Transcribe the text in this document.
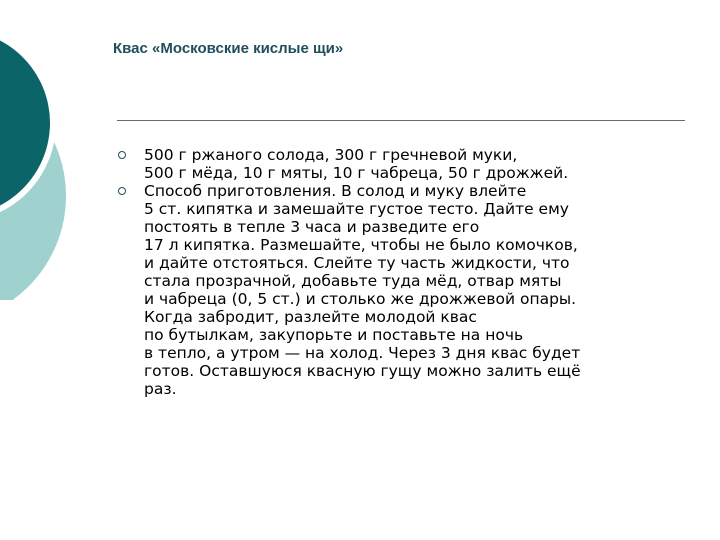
Квас «Московские кислые щи»
500 г ржаного солода, 300 г гречневой муки,
500 г мёда, 10 г мяты, 10 г чабреца, 50 г дрожжей.
Способ приготовления. В солод и муку влейте
5 ст. кипятка и замешайте густое тесто. Дайте ему
постоять в тепле 3 часа и разведите его
17 л кипятка. Размешайте, чтобы не было комочков,
и дайте отстояться. Слейте ту часть жидкости, что
стала прозрачной, добавьте туда мёд, отвар мяты
и чабреца (0, 5 ст.) и столько же дрожжевой опары.
Когда забродит, разлейте молодой квас
по бутылкам, закупорьте и поставьте на ночь
в тепло, а утром — на холод. Через 3 дня квас будет
готов. Оставшуюся квасную гущу можно залить ещё
раз.
